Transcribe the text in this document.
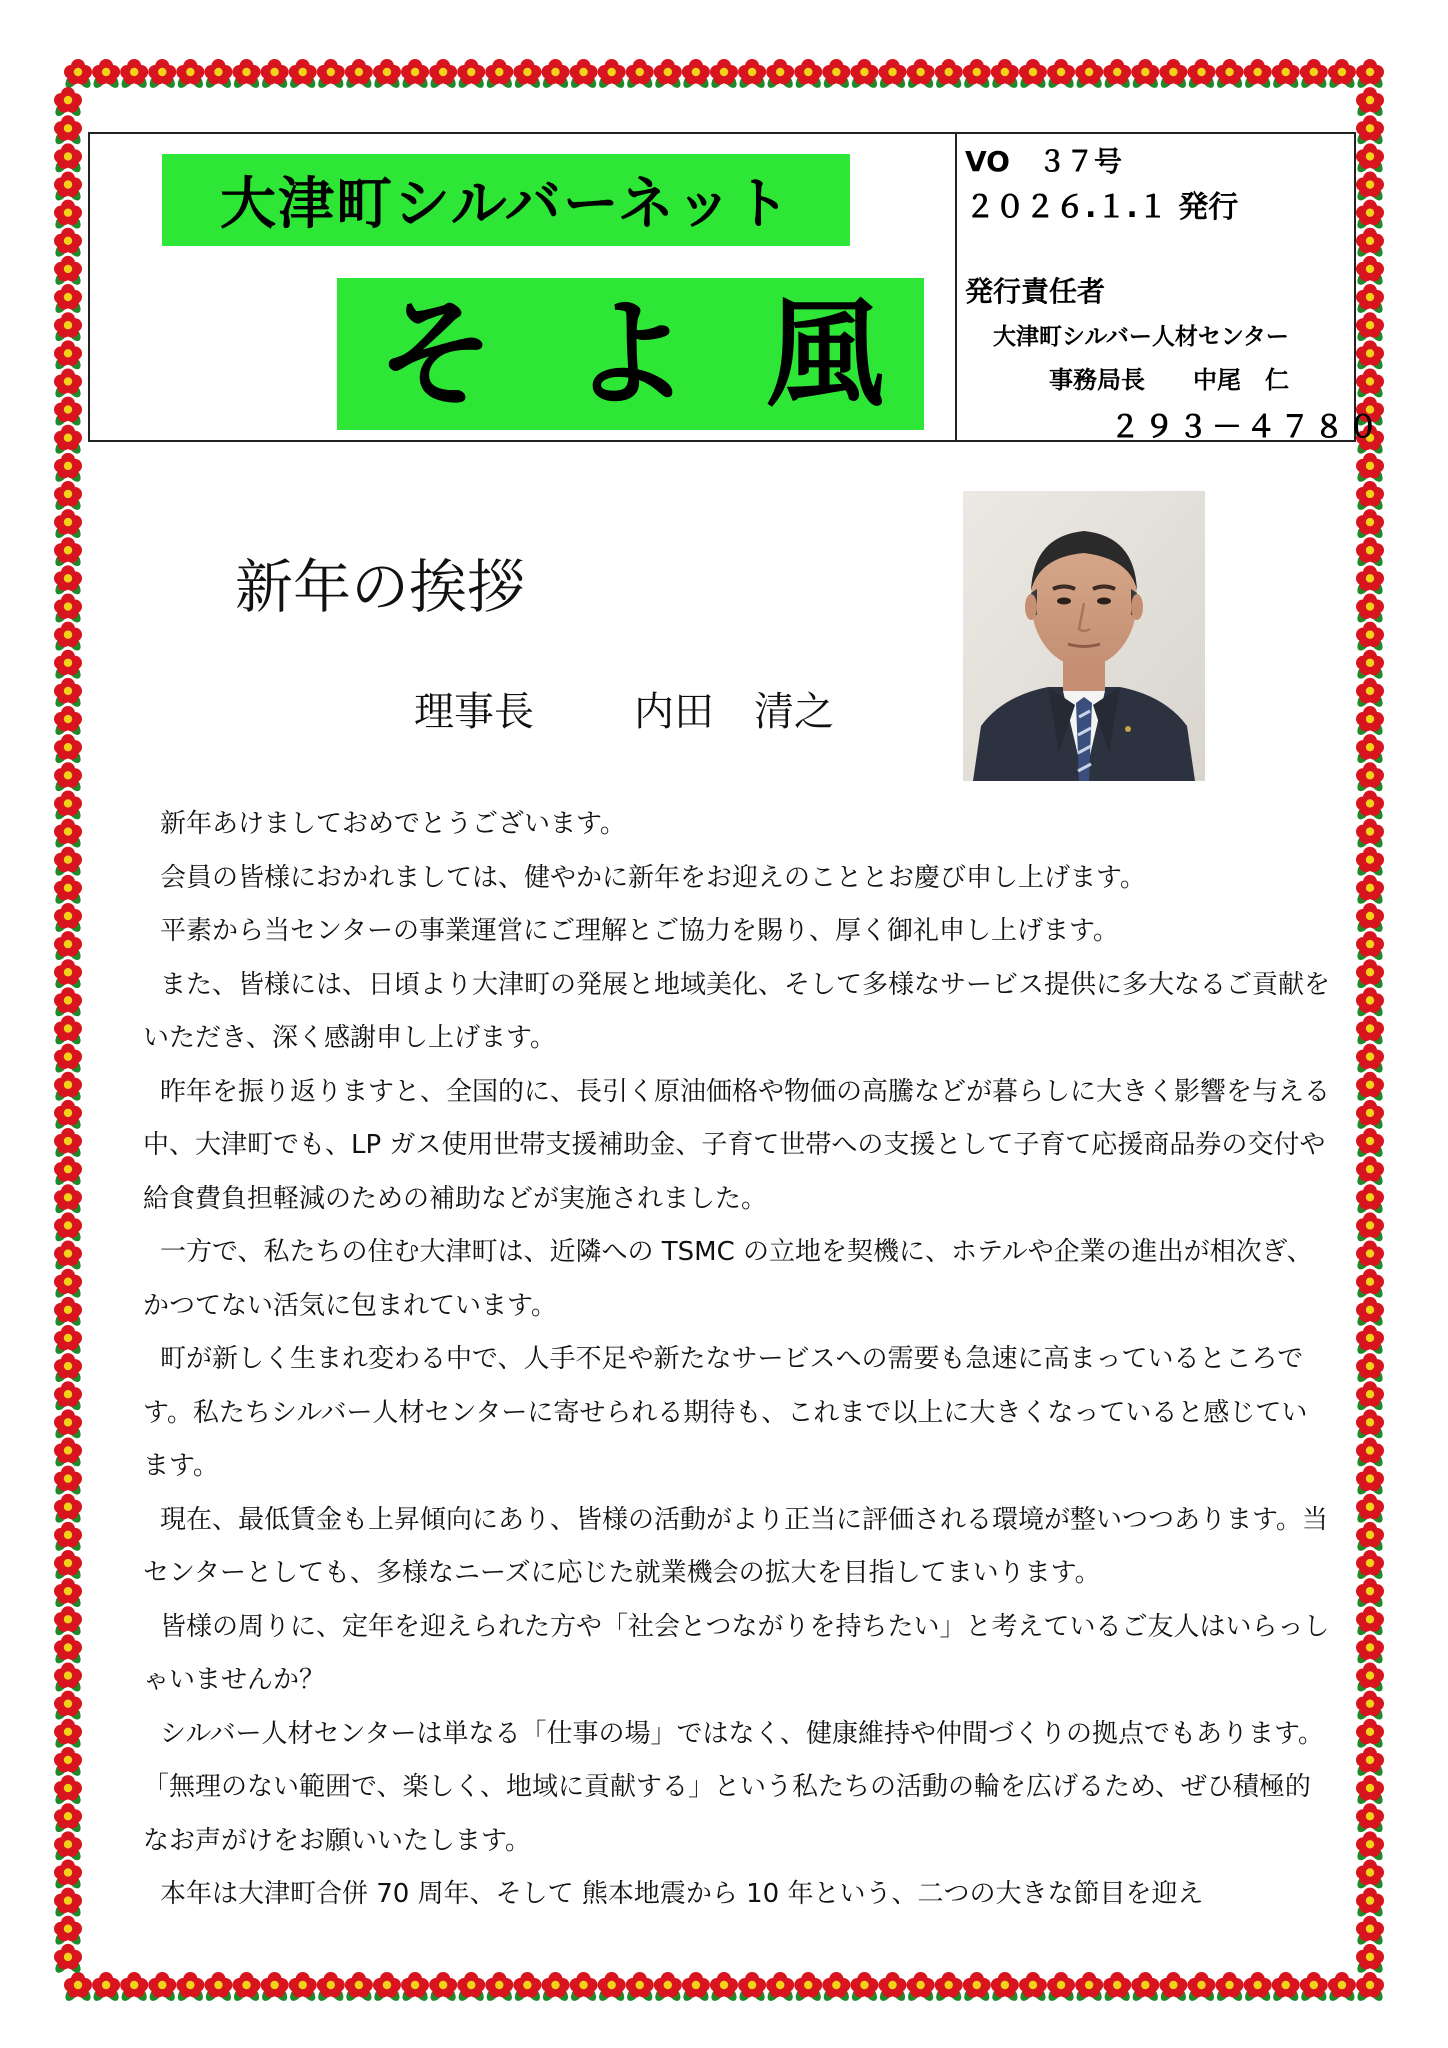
大津町シルバーネット
そ よ 風
VO　３７号
２０２６.１.１ 発行
発行責任者
大津町シルバー人材センター
事務局長　　中尾　仁
２９３－４７８０
新年の挨拶
理事長	内田　清之

新年あけましておめでとうございます。

会員の皆様におかれましては、健やかに新年をお迎えのこととお慶び申し上げます。

平素から当センターの事業運営にご理解とご協力を賜り、厚く御礼申し上げます。

また、皆様には、日頃より大津町の発展と地域美化、そして多様なサービス提供に多大なるご貢献をいただき、深く感謝申し上げます。

昨年を振り返りますと、全国的に、長引く原油価格や物価の高騰などが暮らしに大きく影響を与える中、大津町でも、LP ガス使用世帯支援補助金、子育て世帯への支援として子育て応援商品券の交付や給食費負担軽減のための補助などが実施されました。

一方で、私たちの住む大津町は、近隣への TSMC の立地を契機に、ホテルや企業の進出が相次ぎ、かつてない活気に包まれています。

町が新しく生まれ変わる中で、人手不足や新たなサービスへの需要も急速に高まっているところです。私たちシルバー人材センターに寄せられる期待も、これまで以上に大きくなっていると感じています。

現在、最低賃金も上昇傾向にあり、皆様の活動がより正当に評価される環境が整いつつあります。当センターとしても、多様なニーズに応じた就業機会の拡大を目指してまいります。

皆様の周りに、定年を迎えられた方や「社会とつながりを持ちたい」と考えているご友人はいらっしゃいませんか？

シルバー人材センターは単なる「仕事の場」ではなく、健康維持や仲間づくりの拠点でもあります。「無理のない範囲で、楽しく、地域に貢献する」という私たちの活動の輪を広げるため、ぜひ積極的なお声がけをお願いいたします。

本年は大津町合併 70 周年、そして 熊本地震から 10 年という、二つの大きな節目を迎え
